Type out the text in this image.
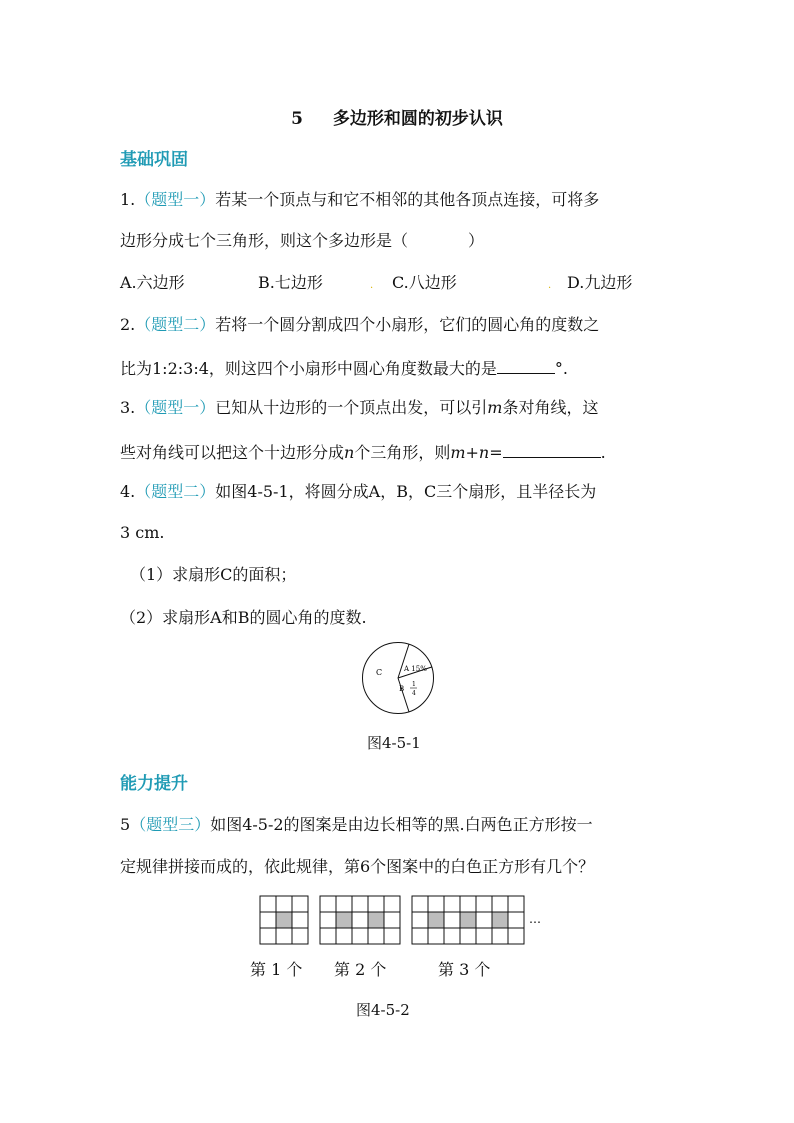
5 多边形和圆的初步认识
基础巩固
1.（题型一）若某一个顶点与和它不相邻的其他各顶点连接，可将多
边形分成七个三角形，则这个多边形是（	）
A.六边形	B.七边形	. C.八边形	. D.九边形
2.（题型二）若将一个圆分割成四个小扇形，它们的圆心角的度数之
比为1:2:3:4，则这四个小扇形中圆心角度数最大的是	°.
3.（题型一）已知从十边形的一个顶点出发，可以引m条对角线，这
些对角线可以把这个十边形分成n个三角形，则m+n=	.
4.（题型二）如图4-5-1，将圆分成A，B，C三个扇形，且半径长为
3 cm.
（1）求扇形C的面积；
（2）求扇形A和B的圆心角的度数.
C	A 15%
B
1
4
图4-5-1
能力提升
5（题型三）如图4-5-2的图案是由边长相等的黑.白两色正方形按一
定规律拼接而成的，依此规律，第6个图案中的白色正方形有几个？
…
第 1 个 第 2 个	第 3 个
图4-5-2
